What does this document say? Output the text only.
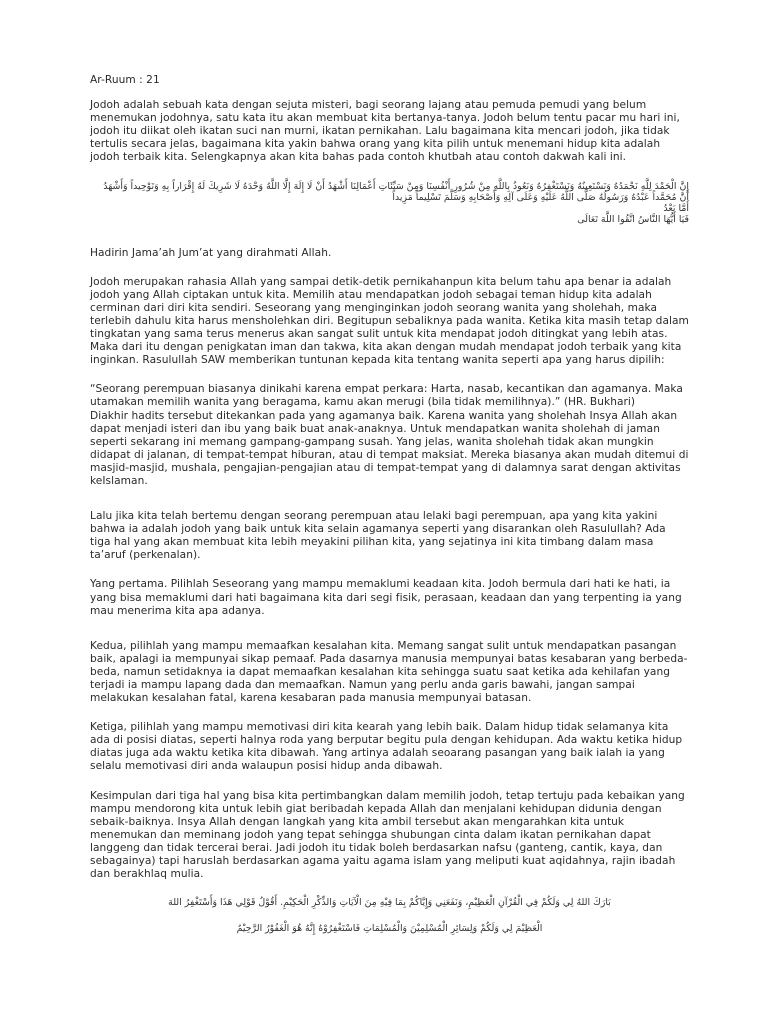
Ar-Ruum : 21

Jodoh adalah sebuah kata dengan sejuta misteri, bagi seorang lajang atau pemuda pemudi yang belum menemukan jodohnya, satu kata itu akan membuat kita bertanya-tanya. Jodoh belum tentu pacar mu hari ini, jodoh itu diikat oleh ikatan suci nan murni, ikatan pernikahan. Lalu bagaimana kita mencari jodoh, jika tidak tertulis secara jelas, bagaimana kita yakin bahwa orang yang kita pilih untuk menemani hidup kita adalah jodoh terbaik kita. Selengkapnya akan kita bahas pada contoh khutbah atau contoh dakwah kali ini.

إِنَّ الْحَمْدَ لِلَّهِ نَحْمَدُهُ وَنَسْتَعِينُهُ وَنَسْتَغْفِرُهُ وَنَعُوذُ بِاللَّهِ مِنْ شُرُورِ أَنْفُسِنَا وَمِنْ سَيِّئَاتِ أَعْمَالِنَا أَشْهَدُ أَنْ لَا إِلَهَ إِلَّا اللَّهُ وَحْدَهُ لَا شَرِيكَ لَهُ إِقْرَاراً بِهِ وَتَوْحِيداً وَأَشْهَدُ

أَنَّ مُحَمَّداً عَبْدُهُ وَرَسُولُهُ صَلَّى اللَّهُ عَلَيْهِ وَعَلَى آلِهِ وَأَصْحَابِهِ وَسَلَّمَ تَسْلِيماً مَزِيداً

أَمَّا بَعْدُ

فَيَا أَيُّهَا النَّاسُ اتَّقُوا اللَّهَ تَعَالَى

Hadirin Jama’ah Jum’at yang dirahmati Allah.

Jodoh merupakan rahasia Allah yang sampai detik-detik pernikahanpun kita belum tahu apa benar ia adalah jodoh yang Allah ciptakan untuk kita. Memilih atau mendapatkan jodoh sebagai teman hidup kita adalah cerminan dari diri kita sendiri. Seseorang yang menginginkan jodoh seorang wanita yang sholehah, maka terlebih dahulu kita harus mensholehkan diri. Begitupun sebaliknya pada wanita. Ketika kita masih tetap dalam tingkatan yang sama terus menerus akan sangat sulit untuk kita mendapat jodoh ditingkat yang lebih atas. Maka dari itu dengan penigkatan iman dan takwa, kita akan dengan mudah mendapat jodoh terbaik yang kita inginkan. Rasulullah SAW memberikan tuntunan kepada kita tentang wanita seperti apa yang harus dipilih:

“Seorang perempuan biasanya dinikahi karena empat perkara: Harta, nasab, kecantikan dan agamanya. Maka utamakan memilih wanita yang beragama, kamu akan merugi (bila tidak memilihnya).” (HR. Bukhari)

Diakhir hadits tersebut ditekankan pada yang agamanya baik. Karena wanita yang sholehah Insya Allah akan dapat menjadi isteri dan ibu yang baik buat anak-anaknya. Untuk mendapatkan wanita sholehah di jaman seperti sekarang ini memang gampang-gampang susah. Yang jelas, wanita sholehah tidak akan mungkin didapat di jalanan, di tempat-tempat hiburan, atau di tempat maksiat. Mereka biasanya akan mudah ditemui di masjid-masjid, mushala, pengajian-pengajian atau di tempat-tempat yang di dalamnya sarat dengan aktivitas keIslaman.

Lalu jika kita telah bertemu dengan seorang perempuan atau lelaki bagi perempuan, apa yang kita yakini bahwa ia adalah jodoh yang baik untuk kita selain agamanya seperti yang disarankan oleh Rasulullah? Ada tiga hal yang akan membuat kita lebih meyakini pilihan kita, yang sejatinya ini kita timbang dalam masa ta’aruf (perkenalan).

Yang pertama. Pilihlah Seseorang yang mampu memaklumi keadaan kita. Jodoh bermula dari hati ke hati, ia yang bisa memaklumi dari hati bagaimana kita dari segi fisik, perasaan, keadaan dan yang terpenting ia yang mau menerima kita apa adanya.

Kedua, pilihlah yang mampu memaafkan kesalahan kita. Memang sangat sulit untuk mendapatkan pasangan baik, apalagi ia mempunyai sikap pemaaf. Pada dasarnya manusia mempunyai batas kesabaran yang berbeda-beda, namun setidaknya ia dapat memaafkan kesalahan kita sehingga suatu saat ketika ada kehilafan yang terjadi ia mampu lapang dada dan memaafkan. Namun yang perlu anda garis bawahi, jangan sampai melakukan kesalahan fatal, karena kesabaran pada manusia mempunyai batasan.

Ketiga, pilihlah yang mampu memotivasi diri kita kearah yang lebih baik. Dalam hidup tidak selamanya kita ada di posisi diatas, seperti halnya roda yang berputar begitu pula dengan kehidupan. Ada waktu ketika hidup diatas juga ada waktu ketika kita dibawah. Yang artinya adalah seoarang pasangan yang baik ialah ia yang selalu memotivasi diri anda walaupun posisi hidup anda dibawah.

Kesimpulan dari tiga hal yang bisa kita pertimbangkan dalam memilih jodoh, tetap tertuju pada kebaikan yang mampu mendorong kita untuk lebih giat beribadah kepada Allah dan menjalani kehidupan didunia dengan sebaik-baiknya. Insya Allah dengan langkah yang kita ambil tersebut akan mengarahkan kita untuk menemukan dan meminang jodoh yang tepat sehingga shubungan cinta dalam ikatan pernikahan dapat langgeng dan tidak tercerai berai. Jadi jodoh itu tidak boleh berdasarkan nafsu (ganteng, cantik, kaya, dan sebagainya) tapi haruslah berdasarkan agama yaitu agama islam yang meliputi kuat aqidahnya, rajin ibadah dan berakhlaq mulia.

بَارَكَ اللهُ لِي وَلَكُمْ فِي الْقُرْآنِ الْعَظِيْمِ، وَنَفَعَنِي وَإِيَّاكُمْ بِمَا فِيْهِ مِنَ الْآيَاتِ وَالذِّكْرِ الْحَكِيْمِ. أَقُوْلُ قَوْلِي هَذَا وَأَسْتَغْفِرُ اللهَ

الْعَظِيْمَ لِي وَلَكُمْ وَلِسَائِرِ الْمُسْلِمِيْنَ وَالْمُسْلِمَاتِ فَاسْتَغْفِرُوْهُ إِنَّهُ هُوَ الْغَفُوْرُ الرَّحِيْمُ
